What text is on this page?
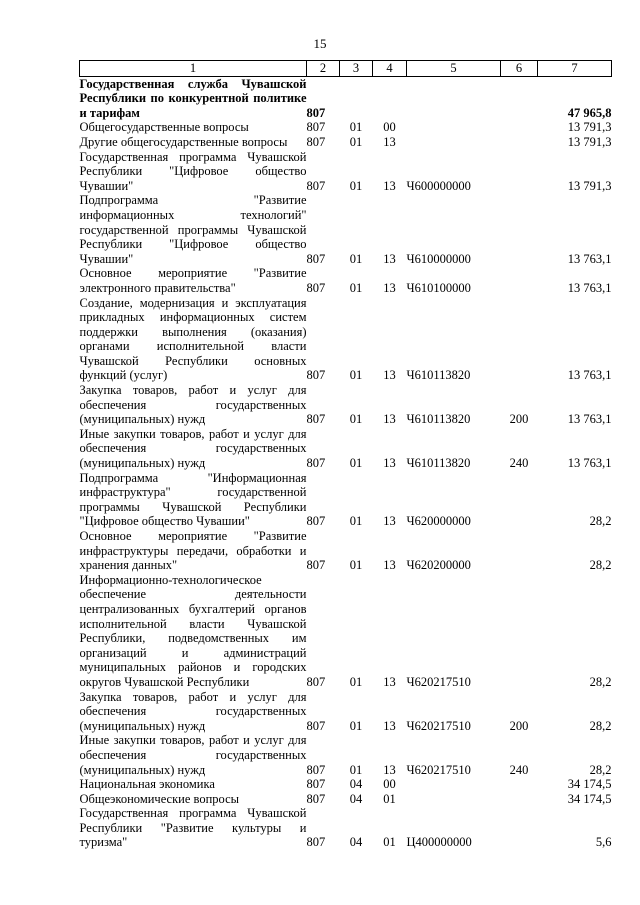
15
1	2	3	4	5	6	7
Государственная служба Чувашской Республики по конкурентной политике и тарифам	807					47 965,8
Общегосударственные вопросы	807	01	00			13 791,3
Другие общегосударственные вопросы	807	01	13			13 791,3
Государственная программа Чувашской Республики "Цифровое общество Чувашии"	807	01	13	Ч600000000		13 791,3
Подпрограмма "Развитие информационных технологий" государственной программы Чувашской Республики "Цифровое общество Чувашии"	807	01	13	Ч610000000		13 763,1
Основное мероприятие "Развитие электронного правительства"	807	01	13	Ч610100000		13 763,1
Создание, модернизация и эксплуатация прикладных информационных систем поддержки выполнения (оказания) органами исполнительной власти Чувашской Республики основных функций (услуг)	807	01	13	Ч610113820		13 763,1
Закупка товаров, работ и услуг для обеспечения государственных (муниципальных) нужд	807	01	13	Ч610113820	200	13 763,1
Иные закупки товаров, работ и услуг для обеспечения государственных (муниципальных) нужд	807	01	13	Ч610113820	240	13 763,1
Подпрограмма "Информационная инфраструктура" государственной программы Чувашской Республики "Цифровое общество Чувашии"	807	01	13	Ч620000000		28,2
Основное мероприятие "Развитие инфраструктуры передачи, обработки и хранения данных"	807	01	13	Ч620200000		28,2
Информационно-технологическое обеспечение деятельности централизованных бухгалтерий органов исполнительной власти Чувашской Республики, подведомственных им организаций и администраций муниципальных районов и городских округов Чувашской Республики	807	01	13	Ч620217510		28,2
Закупка товаров, работ и услуг для обеспечения государственных (муниципальных) нужд	807	01	13	Ч620217510	200	28,2
Иные закупки товаров, работ и услуг для обеспечения государственных (муниципальных) нужд	807	01	13	Ч620217510	240	28,2
Национальная экономика	807	04	00			34 174,5
Общеэкономические вопросы	807	04	01			34 174,5
Государственная программа Чувашской Республики "Развитие культуры и туризма"	807	04	01	Ц400000000		5,6
